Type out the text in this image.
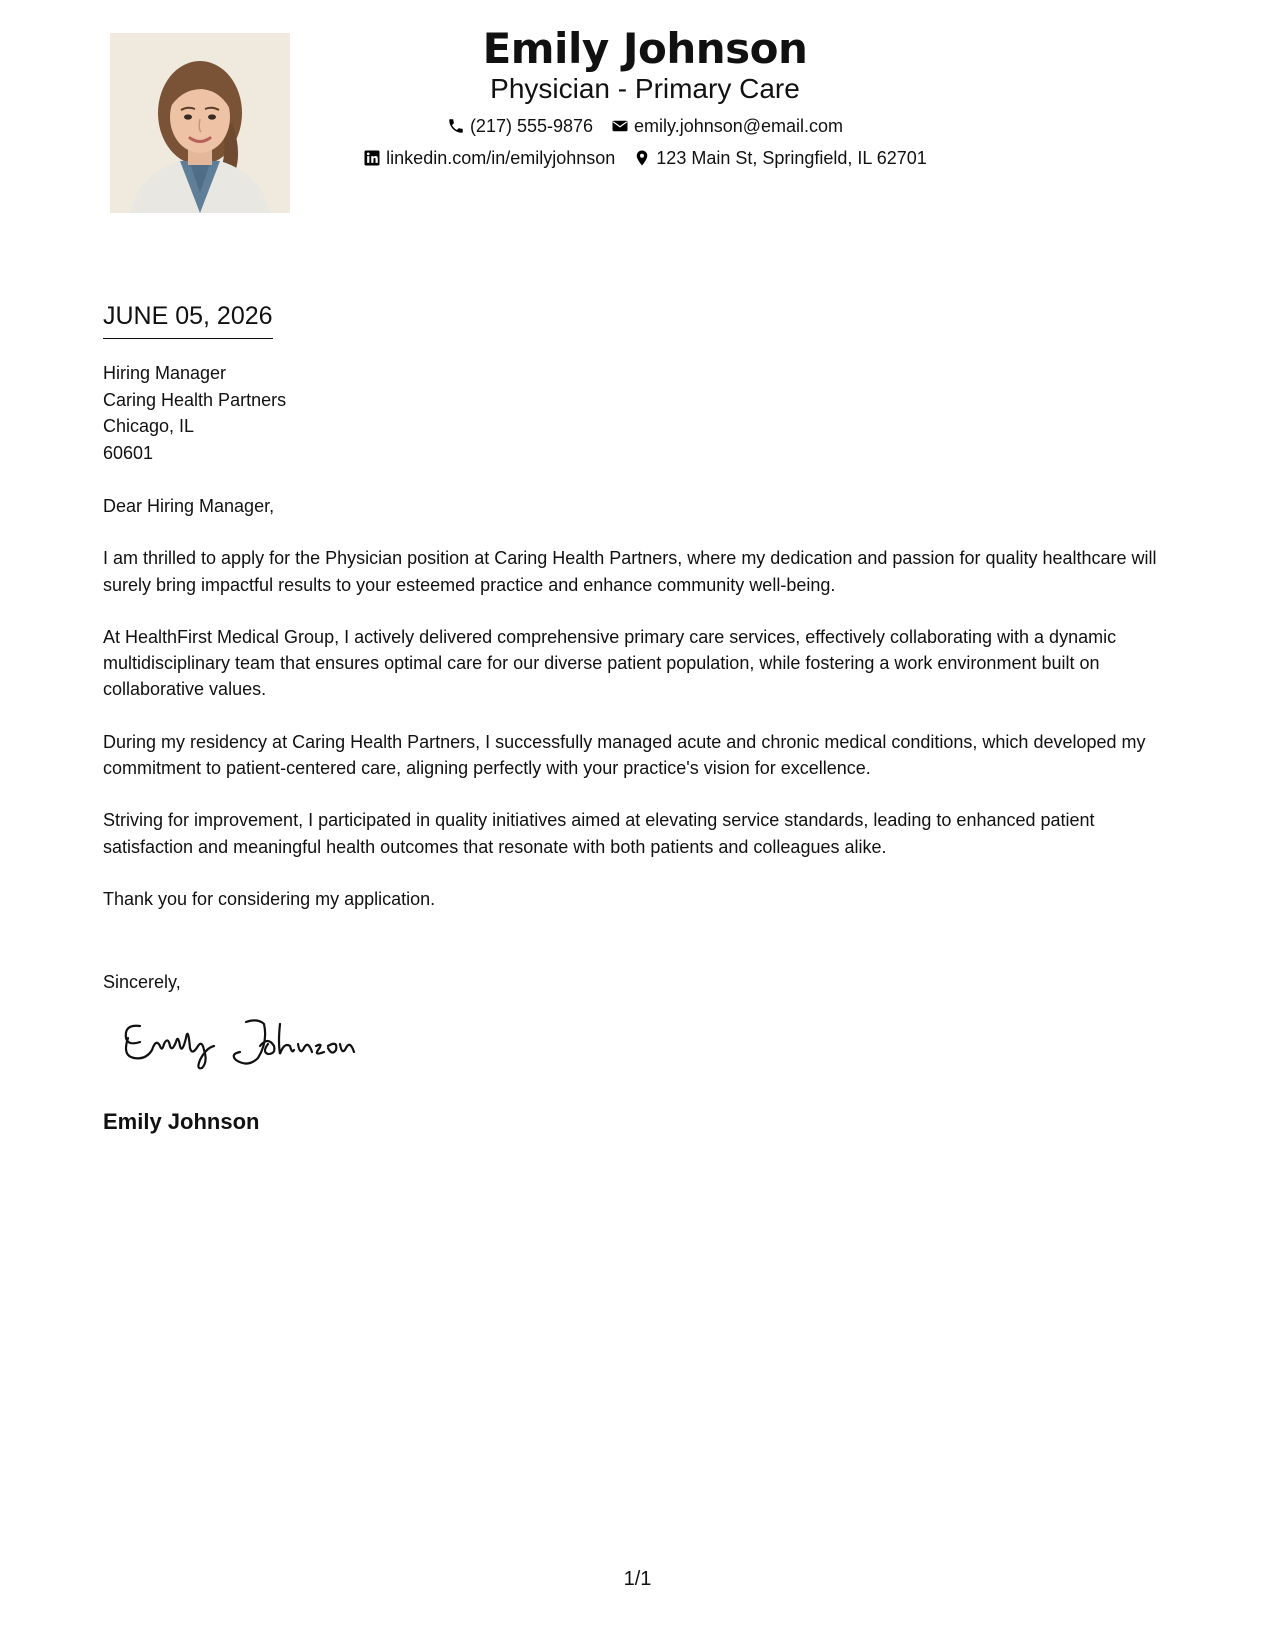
Emily Johnson
Physician - Primary Care
(217) 555-9876 emily.johnson@email.com
linkedin.com/in/emilyjohnson 123 Main St, Springfield, IL 62701
JUNE 05, 2026
Hiring Manager
Caring Health Partners
Chicago, IL
60601

Dear Hiring Manager,

I am thrilled to apply for the Physician position at Caring Health Partners, where my dedication and passion for quality healthcare will surely bring impactful results to your esteemed practice and enhance community well-being.

At HealthFirst Medical Group, I actively delivered comprehensive primary care services, effectively collaborating with a dynamic multidisciplinary team that ensures optimal care for our diverse patient population, while fostering a work environment built on collaborative values.

During my residency at Caring Health Partners, I successfully managed acute and chronic medical conditions, which developed my commitment to patient-centered care, aligning perfectly with your practice's vision for excellence.

Striving for improvement, I participated in quality initiatives aimed at elevating service standards, leading to enhanced patient satisfaction and meaningful health outcomes that resonate with both patients and colleagues alike.

Thank you for considering my application.

Sincerely,
Emily Johnson
1/1
